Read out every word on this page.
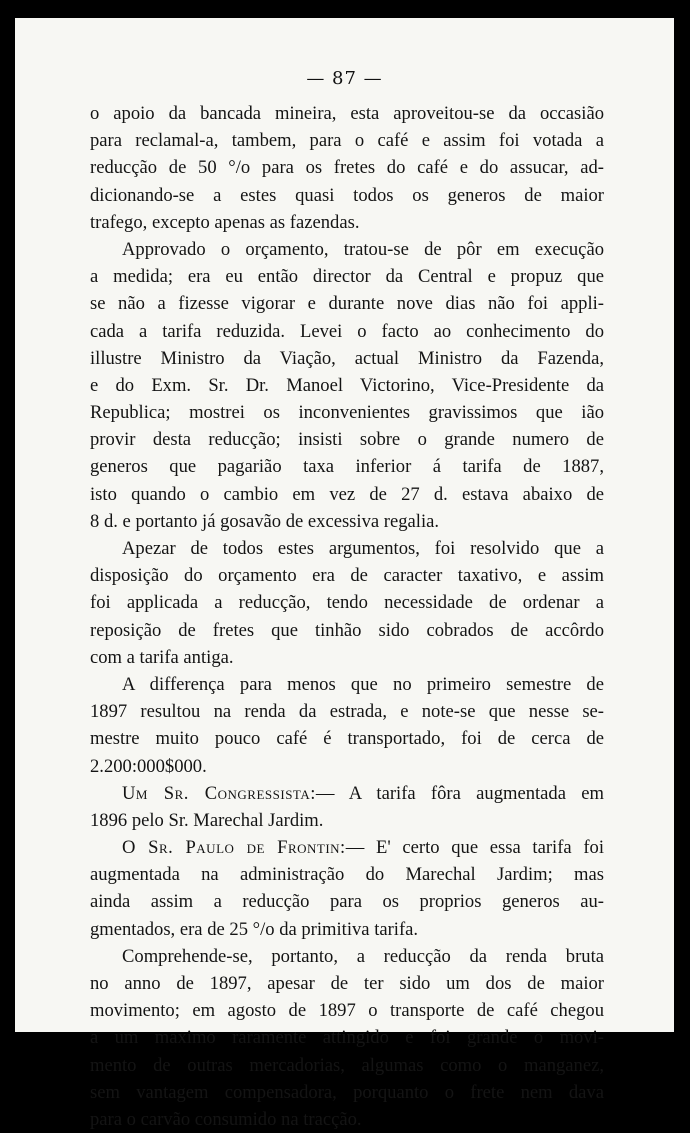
— 87 —
o apoio da bancada mineira, esta aproveitou-se da occasião
para reclamal-a, tambem, para o café e assim foi votada a
reducção de 50 °/o para os fretes do café e do assucar, ad-
dicionando-se a estes quasi todos os generos de maior
trafego, excepto apenas as fazendas.
Approvado o orçamento, tratou-se de pôr em execução
a medida; era eu então director da Central e propuz que
se não a fizesse vigorar e durante nove dias não foi appli-
cada a tarifa reduzida. Levei o facto ao conhecimento do
illustre Ministro da Viação, actual Ministro da Fazenda,
e do Exm. Sr. Dr. Manoel Victorino, Vice-Presidente da
Republica; mostrei os inconvenientes gravissimos que ião
provir desta reducção; insisti sobre o grande numero de
generos que pagarião taxa inferior á tarifa de 1887,
isto quando o cambio em vez de 27 d. estava abaixo de
8 d. e portanto já gosavão de excessiva regalia.
Apezar de todos estes argumentos, foi resolvido que a
disposição do orçamento era de caracter taxativo, e assim
foi applicada a reducção, tendo necessidade de ordenar a
reposição de fretes que tinhão sido cobrados de accôrdo
com a tarifa antiga.
A differença para menos que no primeiro semestre de
1897 resultou na renda da estrada, e note-se que nesse se-
mestre muito pouco café é transportado, foi de cerca de
2.200:000$000.
Um Sr. Congressista:— A tarifa fôra augmentada em
1896 pelo Sr. Marechal Jardim.
O Sr. Paulo de Frontin:— E' certo que essa tarifa foi
augmentada na administração do Marechal Jardim; mas
ainda assim a reducção para os proprios generos au-
gmentados, era de 25 °/o da primitiva tarifa.
Comprehende-se, portanto, a reducção da renda bruta
no anno de 1897, apesar de ter sido um dos de maior
movimento; em agosto de 1897 o transporte de café chegou
a um maximo raramente attingido e foi grande o movi-
mento de outras mercadorias, algumas como o manganez,
sem vantagem compensadora, porquanto o frete nem dava
para o carvão consumido na tracção.
